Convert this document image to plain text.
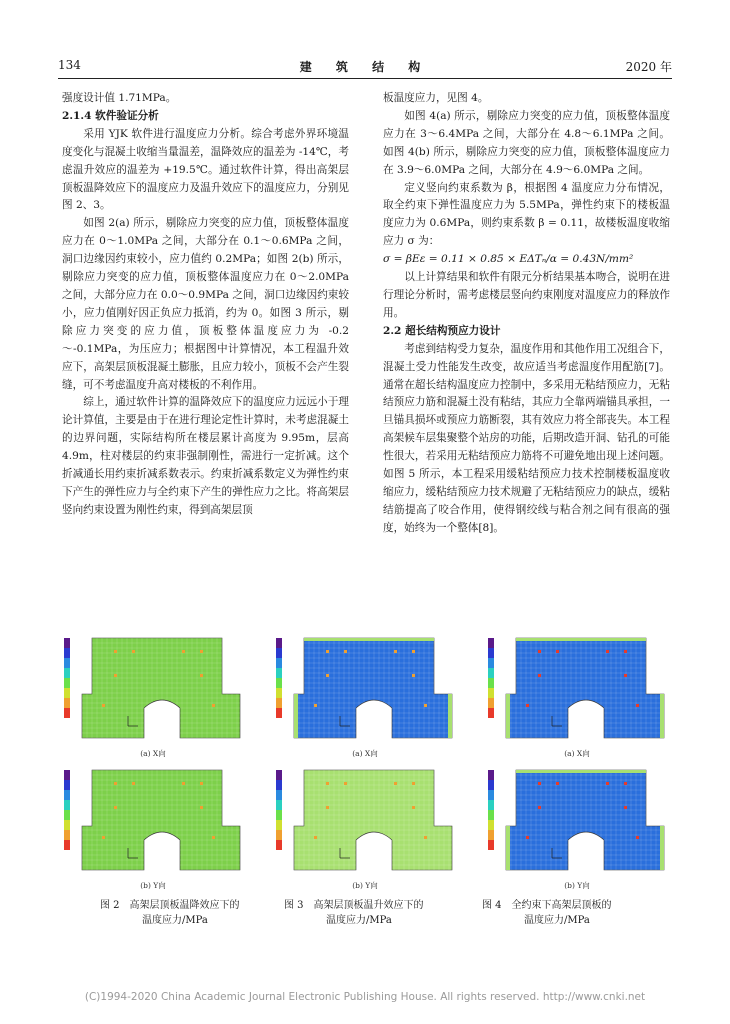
134	建 筑 结 构	2020 年

强度设计值 1.71MPa。

2.1.4 软件验证分析

采用 YJK 软件进行温度应力分析。综合考虑外界环境温度变化与混凝土收缩当量温差，温降效应的温差为 -14℃，考虑温升效应的温差为 +19.5℃。通过软件计算，得出高架层顶板温降效应下的温度应力及温升效应下的温度应力，分别见图 2、3。

如图 2(a) 所示，剔除应力突变的应力值，顶板整体温度应力在 0～1.0MPa 之间，大部分在 0.1～0.6MPa 之间，洞口边缘因约束较小，应力值约 0.2MPa；如图 2(b) 所示，剔除应力突变的应力值，顶板整体温度应力在 0～2.0MPa 之间，大部分应力在 0.0～0.9MPa 之间，洞口边缘因约束较小，应力值刚好因正负应力抵消，约为 0。如图 3 所示，剔除应力突变的应力值，顶板整体温度应力为 -0.2～-0.1MPa，为压应力；根据图中计算情况，本工程温升效应下，高架层顶板混凝土膨胀，且应力较小，顶板不会产生裂缝，可不考虑温度升高对楼板的不利作用。

综上，通过软件计算的温降效应下的温度应力远远小于理论计算值，主要是由于在进行理论定性计算时，未考虑混凝土的边界问题，实际结构所在楼层累计高度为 9.95m，层高 4.9m，柱对楼层的约束非强制刚性，需进行一定折减。这个折减通长用约束折减系数表示。约束折减系数定义为弹性约束下产生的弹性应力与全约束下产生的弹性应力之比。将高架层竖向约束设置为刚性约束，得到高架层顶

板温度应力，见图 4。

如图 4(a) 所示，剔除应力突变的应力值，顶板整体温度应力在 3～6.4MPa 之间，大部分在 4.8～6.1MPa 之间。如图 4(b) 所示，剔除应力突变的应力值，顶板整体温度应力在 3.9～6.0MPa 之间，大部分在 4.9～6.0MPa 之间。

定义竖向约束系数为 β，根据图 4 温度应力分布情况，取全约束下弹性温度应力为 5.5MPa，弹性约束下的楼板温度应力为 0.6MPa，则约束系数 β = 0.11，故楼板温度收缩应力 σ 为：

σ = βEε = 0.11 × 0.85 × EΔTₙ/α = 0.43N/mm²

以上计算结果和软件有限元分析结果基本吻合，说明在进行理论分析时，需考虑楼层竖向约束刚度对温度应力的释放作用。

2.2 超长结构预应力设计

考虑到结构受力复杂，温度作用和其他作用工况组合下，混凝土受力性能发生改变，故应适当考虑温度作用配筋[7]。通常在超长结构温度应力控制中，多采用无粘结预应力，无粘结预应力筋和混凝土没有粘结，其应力全靠两端锚具承担，一旦锚具损坏或预应力筋断裂，其有效应力将全部丧失。本工程高架候车层集聚整个站房的功能，后期改造开洞、钻孔的可能性很大，若采用无粘结预应力筋将不可避免地出现上述问题。如图 5 所示，本工程采用缓粘结预应力技术控制楼板温度收缩应力，缓粘结预应力技术规避了无粘结预应力的缺点，缓粘结筋提高了咬合作用，使得钢绞线与粘合剂之间有很高的强度，始终为一个整体[8]。

(a) X向	(a) X向	(a) X向
(b) Y向	(b) Y向	(b) Y向
图 2  高架层顶板温降效应下的
温度应力/MPa
图 3  高架层顶板温升效应下的
温度应力/MPa
图 4  全约束下高架层顶板的
温度应力/MPa
(C)1994-2020 China Academic Journal Electronic Publishing House. All rights reserved. http://www.cnki.net
